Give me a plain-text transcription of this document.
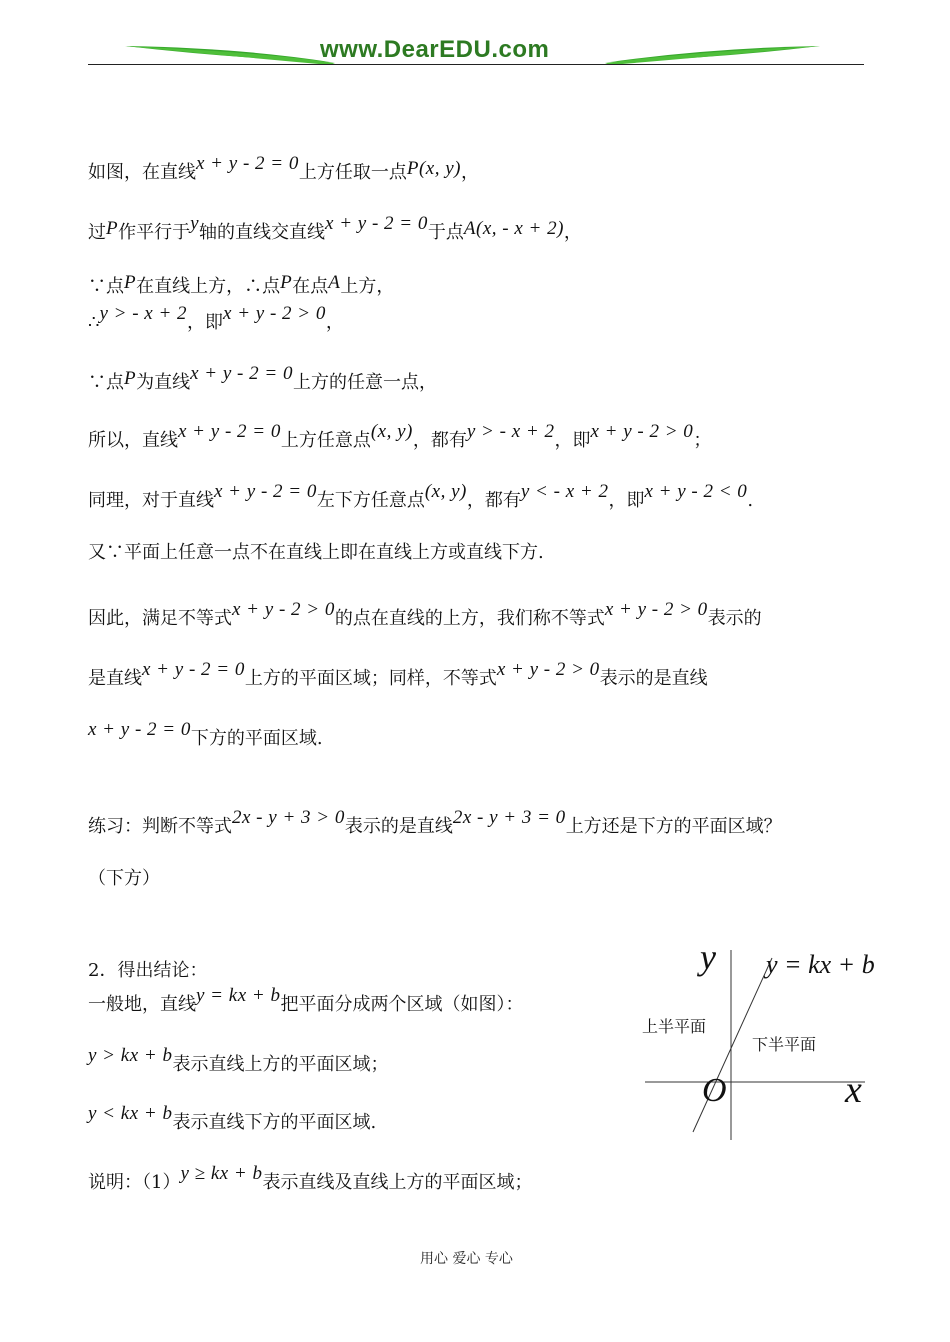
www.DearEDU.com
如图，在直线x + y - 2 = 0上方任取一点P(x, y)，
过P作平行于y轴的直线交直线x + y - 2 = 0于点A(x, - x + 2)，
∵点P在直线上方，∴点P在点A上方，
∴y > - x + 2，即x + y - 2 > 0，
∵点P为直线x + y - 2 = 0上方的任意一点，
所以，直线x + y - 2 = 0上方任意点(x, y)，都有y > - x + 2，即x + y - 2 > 0；
同理，对于直线x + y - 2 = 0左下方任意点(x, y)，都有y < - x + 2，即x + y - 2 < 0.
又∵平面上任意一点不在直线上即在直线上方或直线下方.
因此，满足不等式x + y - 2 > 0的点在直线的上方，我们称不等式x + y - 2 > 0表示的
是直线x + y - 2 = 0上方的平面区域；同样，不等式x + y - 2 > 0表示的是直线
x + y - 2 = 0下方的平面区域.
练习：判断不等式2x - y + 3 > 0表示的是直线2x - y + 3 = 0上方还是下方的平面区域？
（下方）
2．得出结论：
一般地，直线y = kx + b把平面分成两个区域（如图）：
y > kx + b表示直线上方的平面区域；
y < kx + b表示直线下方的平面区域.
说明：（1）y ≥ kx + b表示直线及直线上方的平面区域；
y
x
O
y = kx + b
上半平面
下半平面
用心 爱心 专心
